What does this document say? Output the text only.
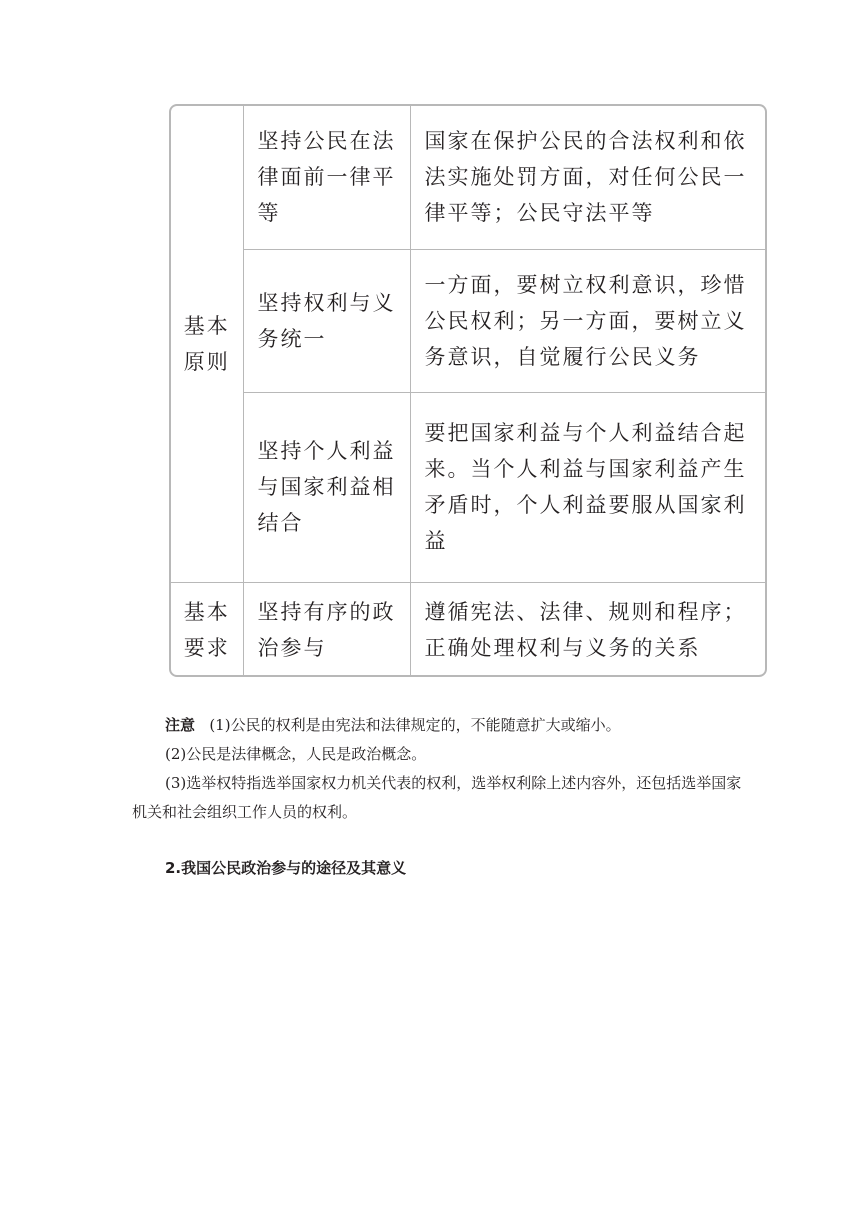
基本原则	坚持公民在法律面前一律平等	国家在保护公民的合法权利和依法实施处罚方面，对任何公民一律平等；公民守法平等
	坚持权利与义务统一	一方面，要树立权利意识，珍惜公民权利；另一方面，要树立义务意识，自觉履行公民义务
	坚持个人利益与国家利益相结合	要把国家利益与个人利益结合起来。当个人利益与国家利益产生矛盾时，个人利益要服从国家利益
基本要求	坚持有序的政治参与	遵循宪法、法律、规则和程序；正确处理权利与义务的关系

注意 (1)公民的权利是由宪法和法律规定的，不能随意扩大或缩小。

(2)公民是法律概念，人民是政治概念。

(3)选举权特指选举国家权力机关代表的权利，选举权利除上述内容外，还包括选举国家机关和社会组织工作人员的权利。

2.我国公民政治参与的途径及其意义
